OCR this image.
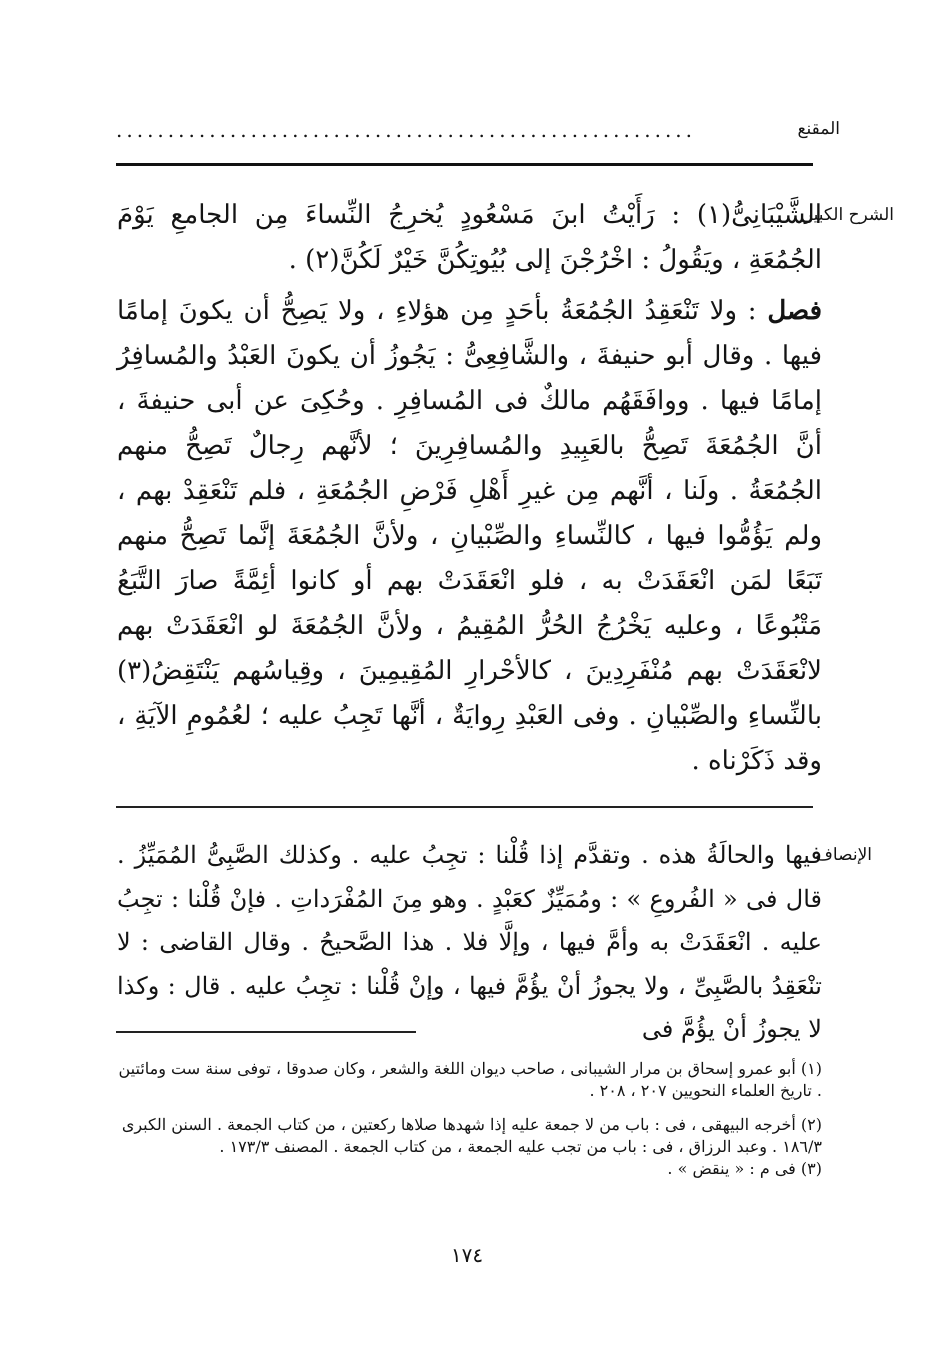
المقنع
........................................................
الشرح الكبير

الشَّيْبَانِىُّ(١) : رَأَيْتُ ابنَ مَسْعُودٍ يُخرِجُ النِّساءَ مِن الجامعِ يَوْمَ الجُمُعَةِ ، ويَقُولُ : اخْرُجْنَ إلى بُيُوتِكُنَّ خَيْرٌ لَكُنَّ(٢) .

فصل : ولا تَنْعَقِدُ الجُمُعَةُ بأحَدٍ مِن هؤلاءِ ، ولا يَصِحُّ أن يكونَ إمامًا فيها . وقال أبو حنيفةَ ، والشَّافِعِىُّ : يَجُوزُ أن يكونَ العَبْدُ والمُسافِرُ إمامًا فيها . ووافَقَهُم مالكٌ فى المُسافِرِ . وحُكِىَ عن أبى حنيفةَ ، أنَّ الجُمُعَةَ تَصِحُّ بالعَبِيدِ والمُسافِرِينَ ؛ لأنَّهم رِجالٌ تَصِحُّ منهم الجُمُعَةُ . ولَنا ، أنَّهم مِن غيرِ أَهْلِ فَرْضِ الجُمُعَةِ ، فلم تَنْعَقِدْ بهم ، ولم يَؤُمُّوا فيها ، كالنِّساءِ والصِّبْيانِ ، ولأنَّ الجُمُعَةَ إنَّما تَصِحُّ منهم تَبَعًا لمَن انْعَقَدَتْ به ، فلو انْعَقَدَتْ بهم أو كانوا أئِمَّةً صارَ التَّبَعُ مَتْبُوعًا ، وعليه يَخْرُجُ الحُرُّ المُقِيمُ ، ولأنَّ الجُمُعَةَ لو انْعَقَدَتْ بهم لانْعَقَدَتْ بهم مُنْفَرِدِينَ ، كالأحْرارِ المُقِيمِينَ ، وقِياسُهم يَنْتَقِضُ(٣) بالنِّساءِ والصِّبْيانِ . وفى العَبْدِ رِوايَةٌ ، أنَّها تَجِبُ عليه ؛ لعُمُومِ الآيَةِ ، وقد ذَكَرْناه .

الإنصاف
فيها والحالَةُ هذه . وتقدَّم إذا قُلْنا : تجِبُ عليه . وكذلك الصَّبِىُّ المُمَيِّزُ . قال فى « الفُروعِ » : ومُمَيِّزٌ كعَبْدٍ . وهو مِنَ المُفْرَداتِ . فإنْ قُلْنا : تجِبُ عليه . انْعَقَدَتْ به وأمَّ فيها ، وإلَّا فلا . هذا الصَّحيحُ . وقال القاضى : لا تنْعَقِدُ بالصَّبِىِّ ، ولا يجوزُ أنْ يؤُمَّ فيها ، وإنْ قُلْنا : تجِبُ عليه . قال : وكذا لا يجوزُ أنْ يؤُمَّ فى

(١) أبو عمرو إسحاق بن مرار الشيبانى ، صاحب ديوان اللغة والشعر ، وكان صدوقا ، توفى سنة ست ومائتين . تاريخ العلماء النحويين ٢٠٧ ، ٢٠٨ .

(٢) أخرجه البيهقى ، فى : باب من لا جمعة عليه إذا شهدها صلاها ركعتين ، من كتاب الجمعة . السنن الكبرى ١٨٦/٣ . وعبد الرزاق ، فى : باب من تجب عليه الجمعة ، من كتاب الجمعة . المصنف ١٧٣/٣ .

(٣) فى م : « ينقض » .

١٧٤
